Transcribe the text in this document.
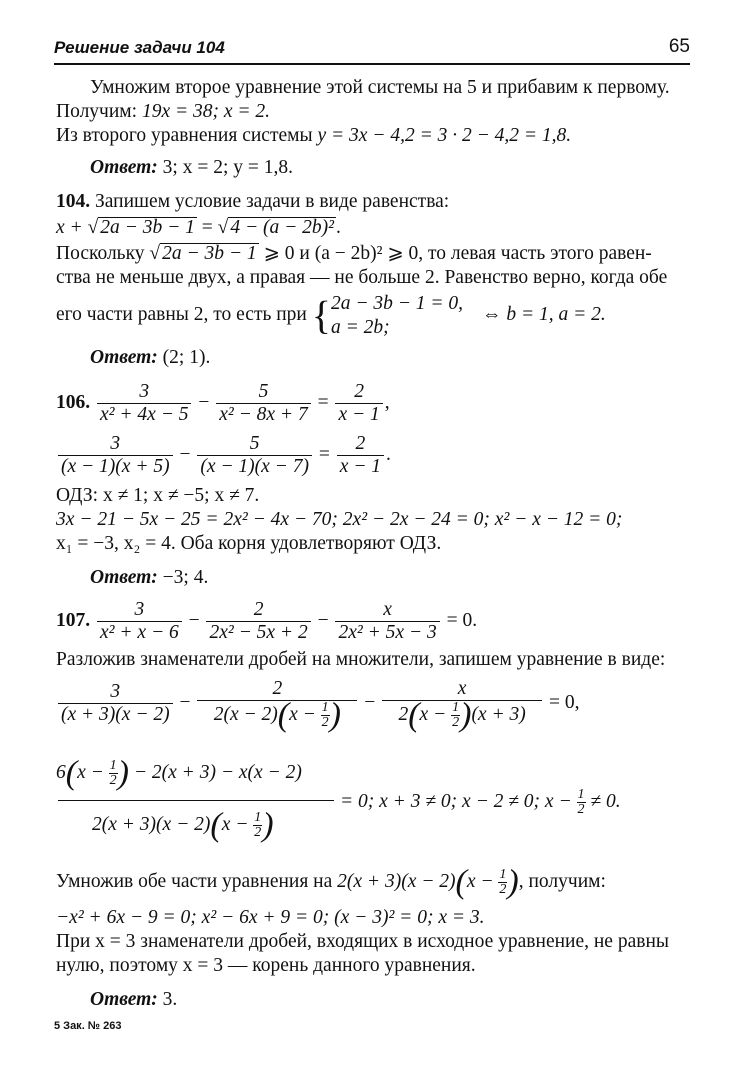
Решение задачи 104	65
Умножим второе уравнение этой системы на 5 и прибавим к первому.
Получим: 19x = 38; x = 2.
Из второго уравнения системы y = 3x − 4,2 = 3 · 2 − 4,2 = 1,8.
Ответ: 3; x = 2; y = 1,8.
104. Запишем условие задачи в виде равенства:
x + √ 2a − 3b − 1 = √ 4 − (a − 2b)² .
Поскольку √ 2a − 3b − 1 ⩾ 0 и (a − 2b)² ⩾ 0, то левая часть этого равен-
ства не меньше двух, а правая — не больше 2. Равенство верно, когда обе
его части равны 2, то есть при { 2a − 3b − 1 = 0,
a = 2b;
⇔ b = 1, a = 2.
Ответ: (2; 1).
106. $\frac{3}{\text{x² + 4x − 5}} - \frac{5}{\text{x² − 8x + 7}} = \frac{2}{x - 1}$ ,
$\frac{3}{(x - 1)(x + 5)} - \frac{5}{(x - 1)(x - 7)} = \frac{2}{x - 1}$ .
ОДЗ: x ≠ 1; x ≠ −5; x ≠ 7.
3x − 21 − 5x − 25 = 2x² − 4x − 70; 2x² − 2x − 24 = 0; x² − x − 12 = 0;
x₁ = −3, x₂ = 4. Оба корня удовлетворяют ОДЗ.
Ответ: −3; 4.
107. $\frac{3}{\text{x² + x − 6}} - \frac{2}{\text{2x² − 5x + 2}} - \frac{x}{\text{2x² + 5x − 3}} = 0$.
Разложив знаменатели дробей на множители, запишем уравнение в виде:
$\frac{3}{(x + 3)(x - 2)} - \frac{2}{2(x - 2)(x - \frac{1}{2} )} - \frac{x}{2(x - \frac{1}{2} )(x + 3)} = 0$,
$6(x - \frac{1}{2}$ ) − 2(x + 3) − x(x − 2)
$2(x + 3)(x - 2)(x - \frac{1}{2}$ )
= 0; x + 3 ≠ 0; x − 2 ≠ 0; $x - \frac{1}{2} \ne 0$.
Умножив обе части уравнения на $2(x + 3)(x - 2)(x - \frac{1}{2}$ ), получим:
−x² + 6x − 9 = 0; x² − 6x + 9 = 0; (x − 3)² = 0; x = 3.
При x = 3 знаменатели дробей, входящих в исходное уравнение, не равны
нулю, поэтому x = 3 — корень данного уравнения.
Ответ: 3.
5 Зак. № 263
